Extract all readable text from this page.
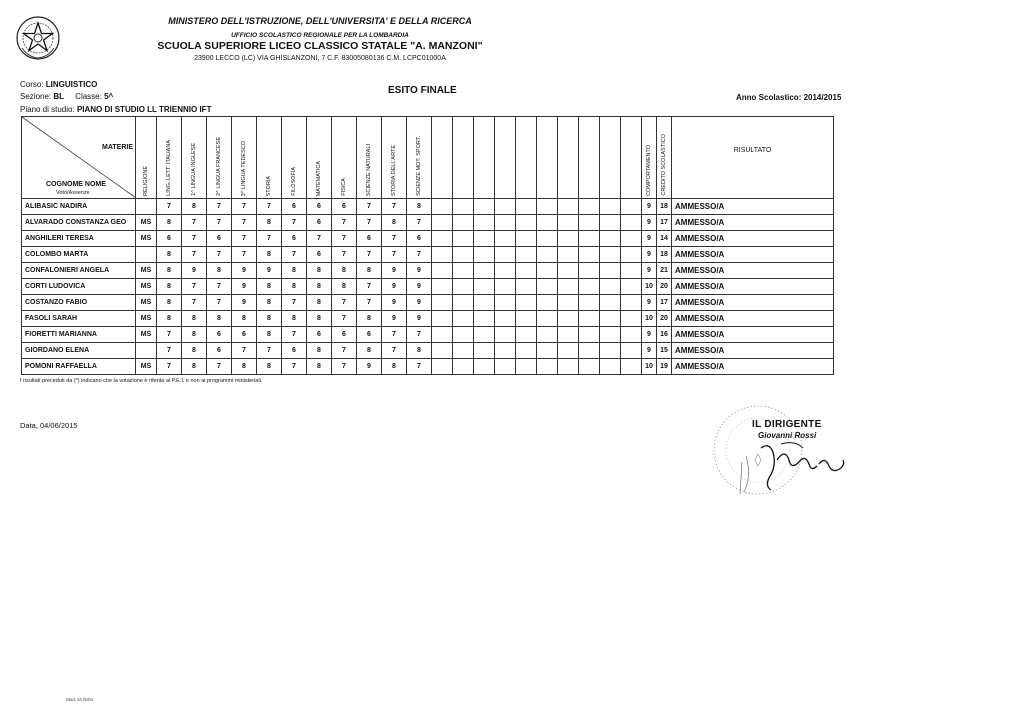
MINISTERO DELL'ISTRUZIONE, DELL'UNIVERSITA' E DELLA RICERCA
UFFICIO SCOLASTICO REGIONALE PER LA LOMBARDIA
SCUOLA SUPERIORE LICEO CLASSICO STATALE "A. MANZONI"
23900 LECCO (LC) VIA GHISLANZONI, 7 C.F. 83005080136 C.M. LCPC01000A
Corso: LINGUISTICO
Sezione: BL Classe: 5^
Piano di studio: PIANO DI STUDIO LL TRIENNIO IFT
ESITO FINALE
Anno Scolastico: 2014/2015
MATERIE
COGNOME NOME
Voto/Assenze	RELIGIONE	LING. LETT. ITALIANA	1^ LINGUA INGLESE	2^ LINGUA FRANCESE	3^ LINGUA TEDESCO	STORIA	FILOSOFIA	MATEMATICA	FISICA	SCIENZE NATURALI	STORIA DELL'ARTE	SCIENZE MOT. SPORT.											COMPORTAMENTO	CREDITO SCOLASTICO	RISULTATO

ALIBASIC NADIRA		7	8	7	7	7	6	6	6	7	7	8											9	18	AMMESSO/A
ALVARADO CONSTANZA GEO	MS	8	7	7	7	8	7	6	7	7	8	7											9	17	AMMESSO/A
ANGHILERI TERESA	MS	6	7	6	7	7	6	7	7	6	7	6											9	14	AMMESSO/A
COLOMBO MARTA		8	7	7	7	8	7	6	7	7	7	7											9	18	AMMESSO/A
CONFALONIERI ANGELA	MS	8	9	8	9	9	8	8	8	8	9	9											9	21	AMMESSO/A
CORTI LUDOVICA	MS	8	7	7	9	8	8	8	8	7	9	9											10	20	AMMESSO/A
COSTANZO FABIO	MS	8	7	7	9	8	7	8	7	7	9	9											9	17	AMMESSO/A
FASOLI SARAH	MS	8	8	8	8	8	8	8	7	8	9	9											10	20	AMMESSO/A
FIORETTI MARIANNA	MS	7	8	6	6	8	7	6	6	6	7	7											9	16	AMMESSO/A
GIORDANO ELENA		7	8	6	7	7	6	8	7	8	7	8											9	15	AMMESSO/A
POMONI RAFFAELLA	MS	7	8	7	8	8	7	8	7	9	8	7											10	19	AMMESSO/A
I risultati preceduti da (*) indicano che la votazione è riferita al P.E.I. e non ai programmi ministeriali.
Data, 04/06/2015	IL DIRIGENTE
Giovanni Rossi
Mod. sh.fin04
